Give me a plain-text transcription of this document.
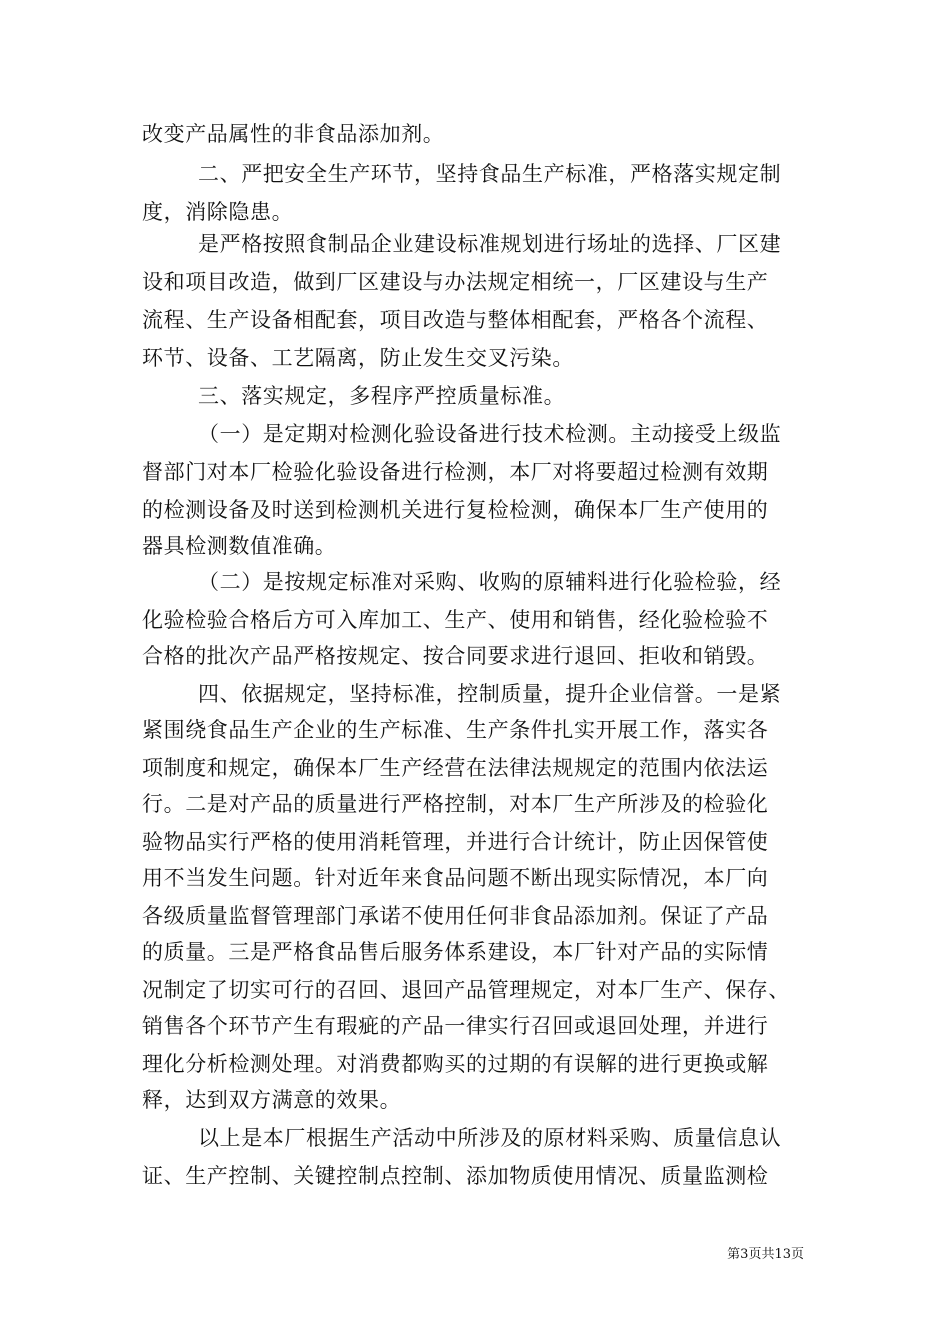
改变产品属性的非食品添加剂。
二、严把安全生产环节，坚持食品生产标准，严格落实规定制
度，消除隐患。
是严格按照食制品企业建设标准规划进行场址的选择、厂区建
设和项目改造，做到厂区建设与办法规定相统一，厂区建设与生产
流程、生产设备相配套，项目改造与整体相配套，严格各个流程、
环节、设备、工艺隔离，防止发生交叉污染。
三、落实规定，多程序严控质量标准。
（一）是定期对检测化验设备进行技术检测。主动接受上级监
督部门对本厂检验化验设备进行检测，本厂对将要超过检测有效期
的检测设备及时送到检测机关进行复检检测，确保本厂生产使用的
器具检测数值准确。
（二）是按规定标准对采购、收购的原辅料进行化验检验，经
化验检验合格后方可入库加工、生产、使用和销售，经化验检验不
合格的批次产品严格按规定、按合同要求进行退回、拒收和销毁。
四、依据规定，坚持标准，控制质量，提升企业信誉。一是紧
紧围绕食品生产企业的生产标准、生产条件扎实开展工作，落实各
项制度和规定，确保本厂生产经营在法律法规规定的范围内依法运
行。二是对产品的质量进行严格控制，对本厂生产所涉及的检验化
验物品实行严格的使用消耗管理，并进行合计统计，防止因保管使
用不当发生问题。针对近年来食品问题不断出现实际情况，本厂向
各级质量监督管理部门承诺不使用任何非食品添加剂。保证了产品
的质量。三是严格食品售后服务体系建设，本厂针对产品的实际情
况制定了切实可行的召回、退回产品管理规定，对本厂生产、保存、
销售各个环节产生有瑕疵的产品一律实行召回或退回处理，并进行
理化分析检测处理。对消费都购买的过期的有误解的进行更换或解
释，达到双方满意的效果。
以上是本厂根据生产活动中所涉及的原材料采购、质量信息认
证、生产控制、关键控制点控制、添加物质使用情况、质量监测检
第3页共13页
